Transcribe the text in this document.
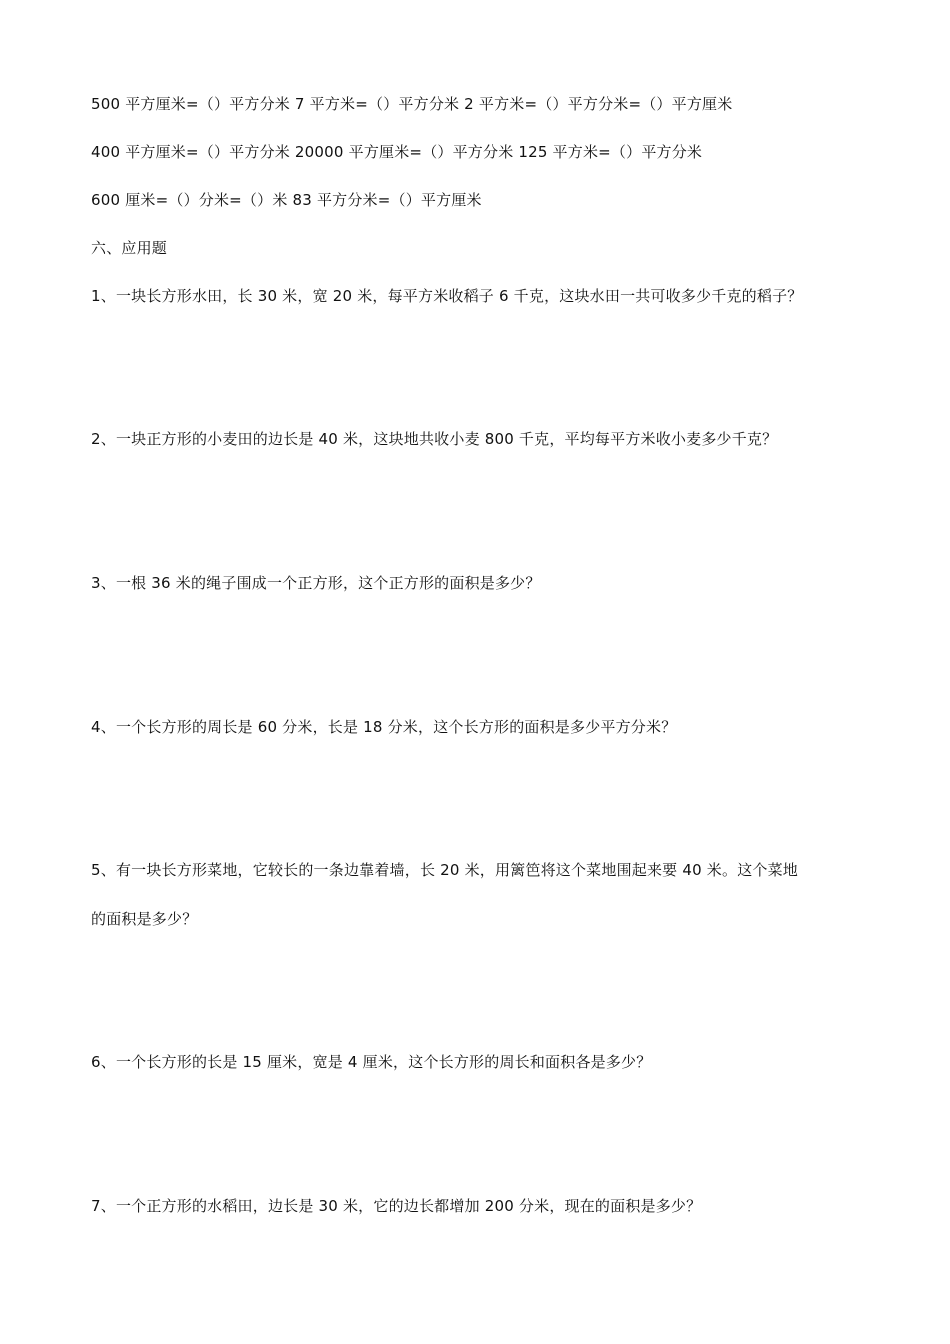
500 平方厘米=（）平方分米 7 平方米=（）平方分米 2 平方米=（）平方分米=（）平方厘米
400 平方厘米=（）平方分米 20000 平方厘米=（）平方分米 125 平方米=（）平方分米
600 厘米=（）分米=（）米 83 平方分米=（）平方厘米
六、应用题
1、一块长方形水田，长 30 米，宽 20 米，每平方米收稻子 6 千克，这块水田一共可收多少千克的稻子？
2、一块正方形的小麦田的边长是 40 米，这块地共收小麦 800 千克，平均每平方米收小麦多少千克？
3、一根 36 米的绳子围成一个正方形，这个正方形的面积是多少？
4、一个长方形的周长是 60 分米，长是 18 分米，这个长方形的面积是多少平方分米？
5、有一块长方形菜地，它较长的一条边靠着墙，长 20 米，用篱笆将这个菜地围起来要 40 米。这个菜地
的面积是多少？
6、一个长方形的长是 15 厘米，宽是 4 厘米，这个长方形的周长和面积各是多少？
7、一个正方形的水稻田，边长是 30 米，它的边长都增加 200 分米，现在的面积是多少？
